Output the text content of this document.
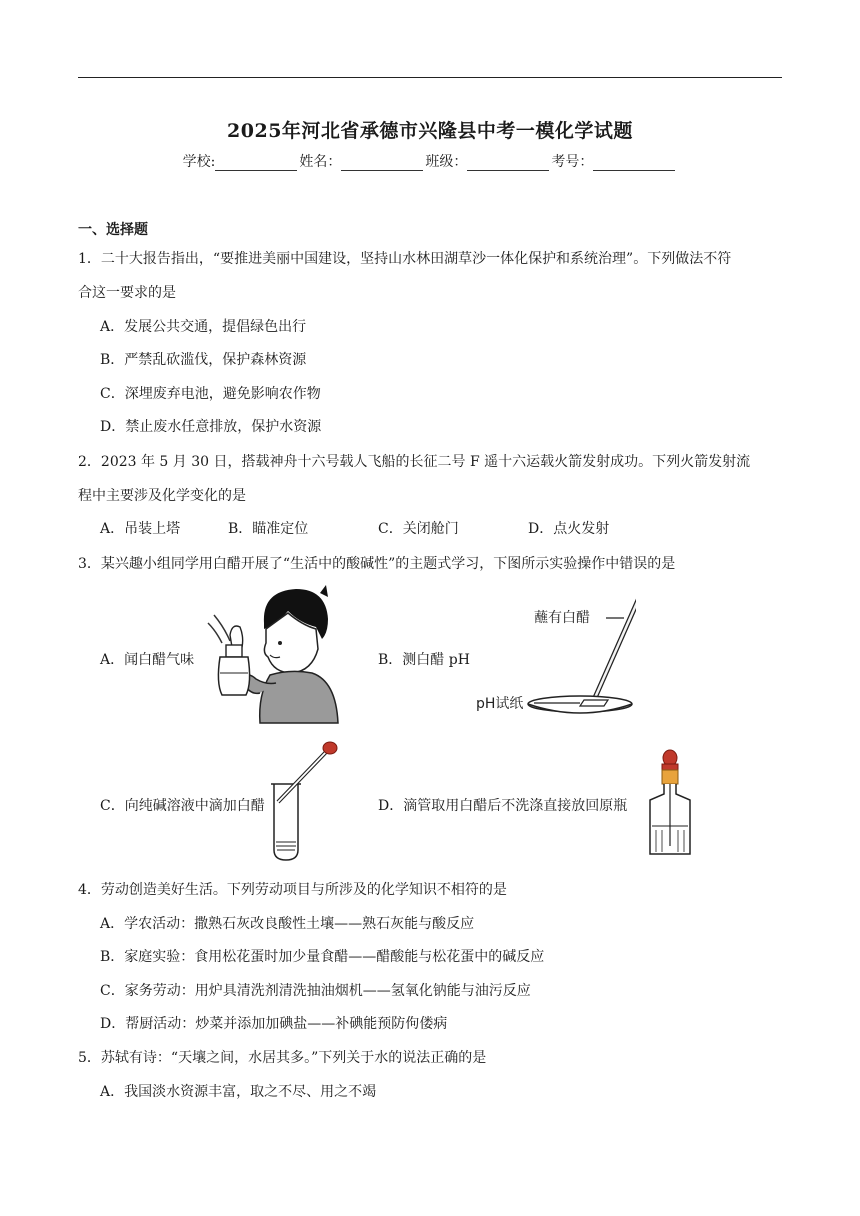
2025年河北省承德市兴隆县中考一模化学试题
学校:	姓名：	班级：	考号：
一、选择题
1．二十大报告指出，“要推进美丽中国建设，坚持山水林田湖草沙一体化保护和系统治理”。下列做法不符
合这一要求的是
A．发展公共交通，提倡绿色出行
B．严禁乱砍滥伐，保护森林资源
C．深埋废弃电池，避免影响农作物
D．禁止废水任意排放，保护水资源
2．2023 年 5 月 30 日，搭载神舟十六号载人飞船的长征二号 F 遥十六运载火箭发射成功。下列火箭发射流
程中主要涉及化学变化的是
A．吊装上塔	B．瞄准定位	C．关闭舱门	D．点火发射
3．某兴趣小组同学用白醋开展了“生活中的酸碱性”的主题式学习，下图所示实验操作中错误的是
A．闻白醋气味	B．测白醋 pH
C．向纯碱溶液中滴加白醋	D．滴管取用白醋后不洗涤直接放回原瓶
蘸有白醋
pH试纸
4．劳动创造美好生活。下列劳动项目与所涉及的化学知识不相符的是
A．学农活动：撒熟石灰改良酸性土壤——熟石灰能与酸反应
B．家庭实验：食用松花蛋时加少量食醋——醋酸能与松花蛋中的碱反应
C．家务劳动：用炉具清洗剂清洗抽油烟机——氢氧化钠能与油污反应
D．帮厨活动：炒菜并添加加碘盐——补碘能预防佝偻病
5．苏轼有诗：“天壤之间，水居其多。”下列关于水的说法正确的是
A．我国淡水资源丰富，取之不尽、用之不竭
